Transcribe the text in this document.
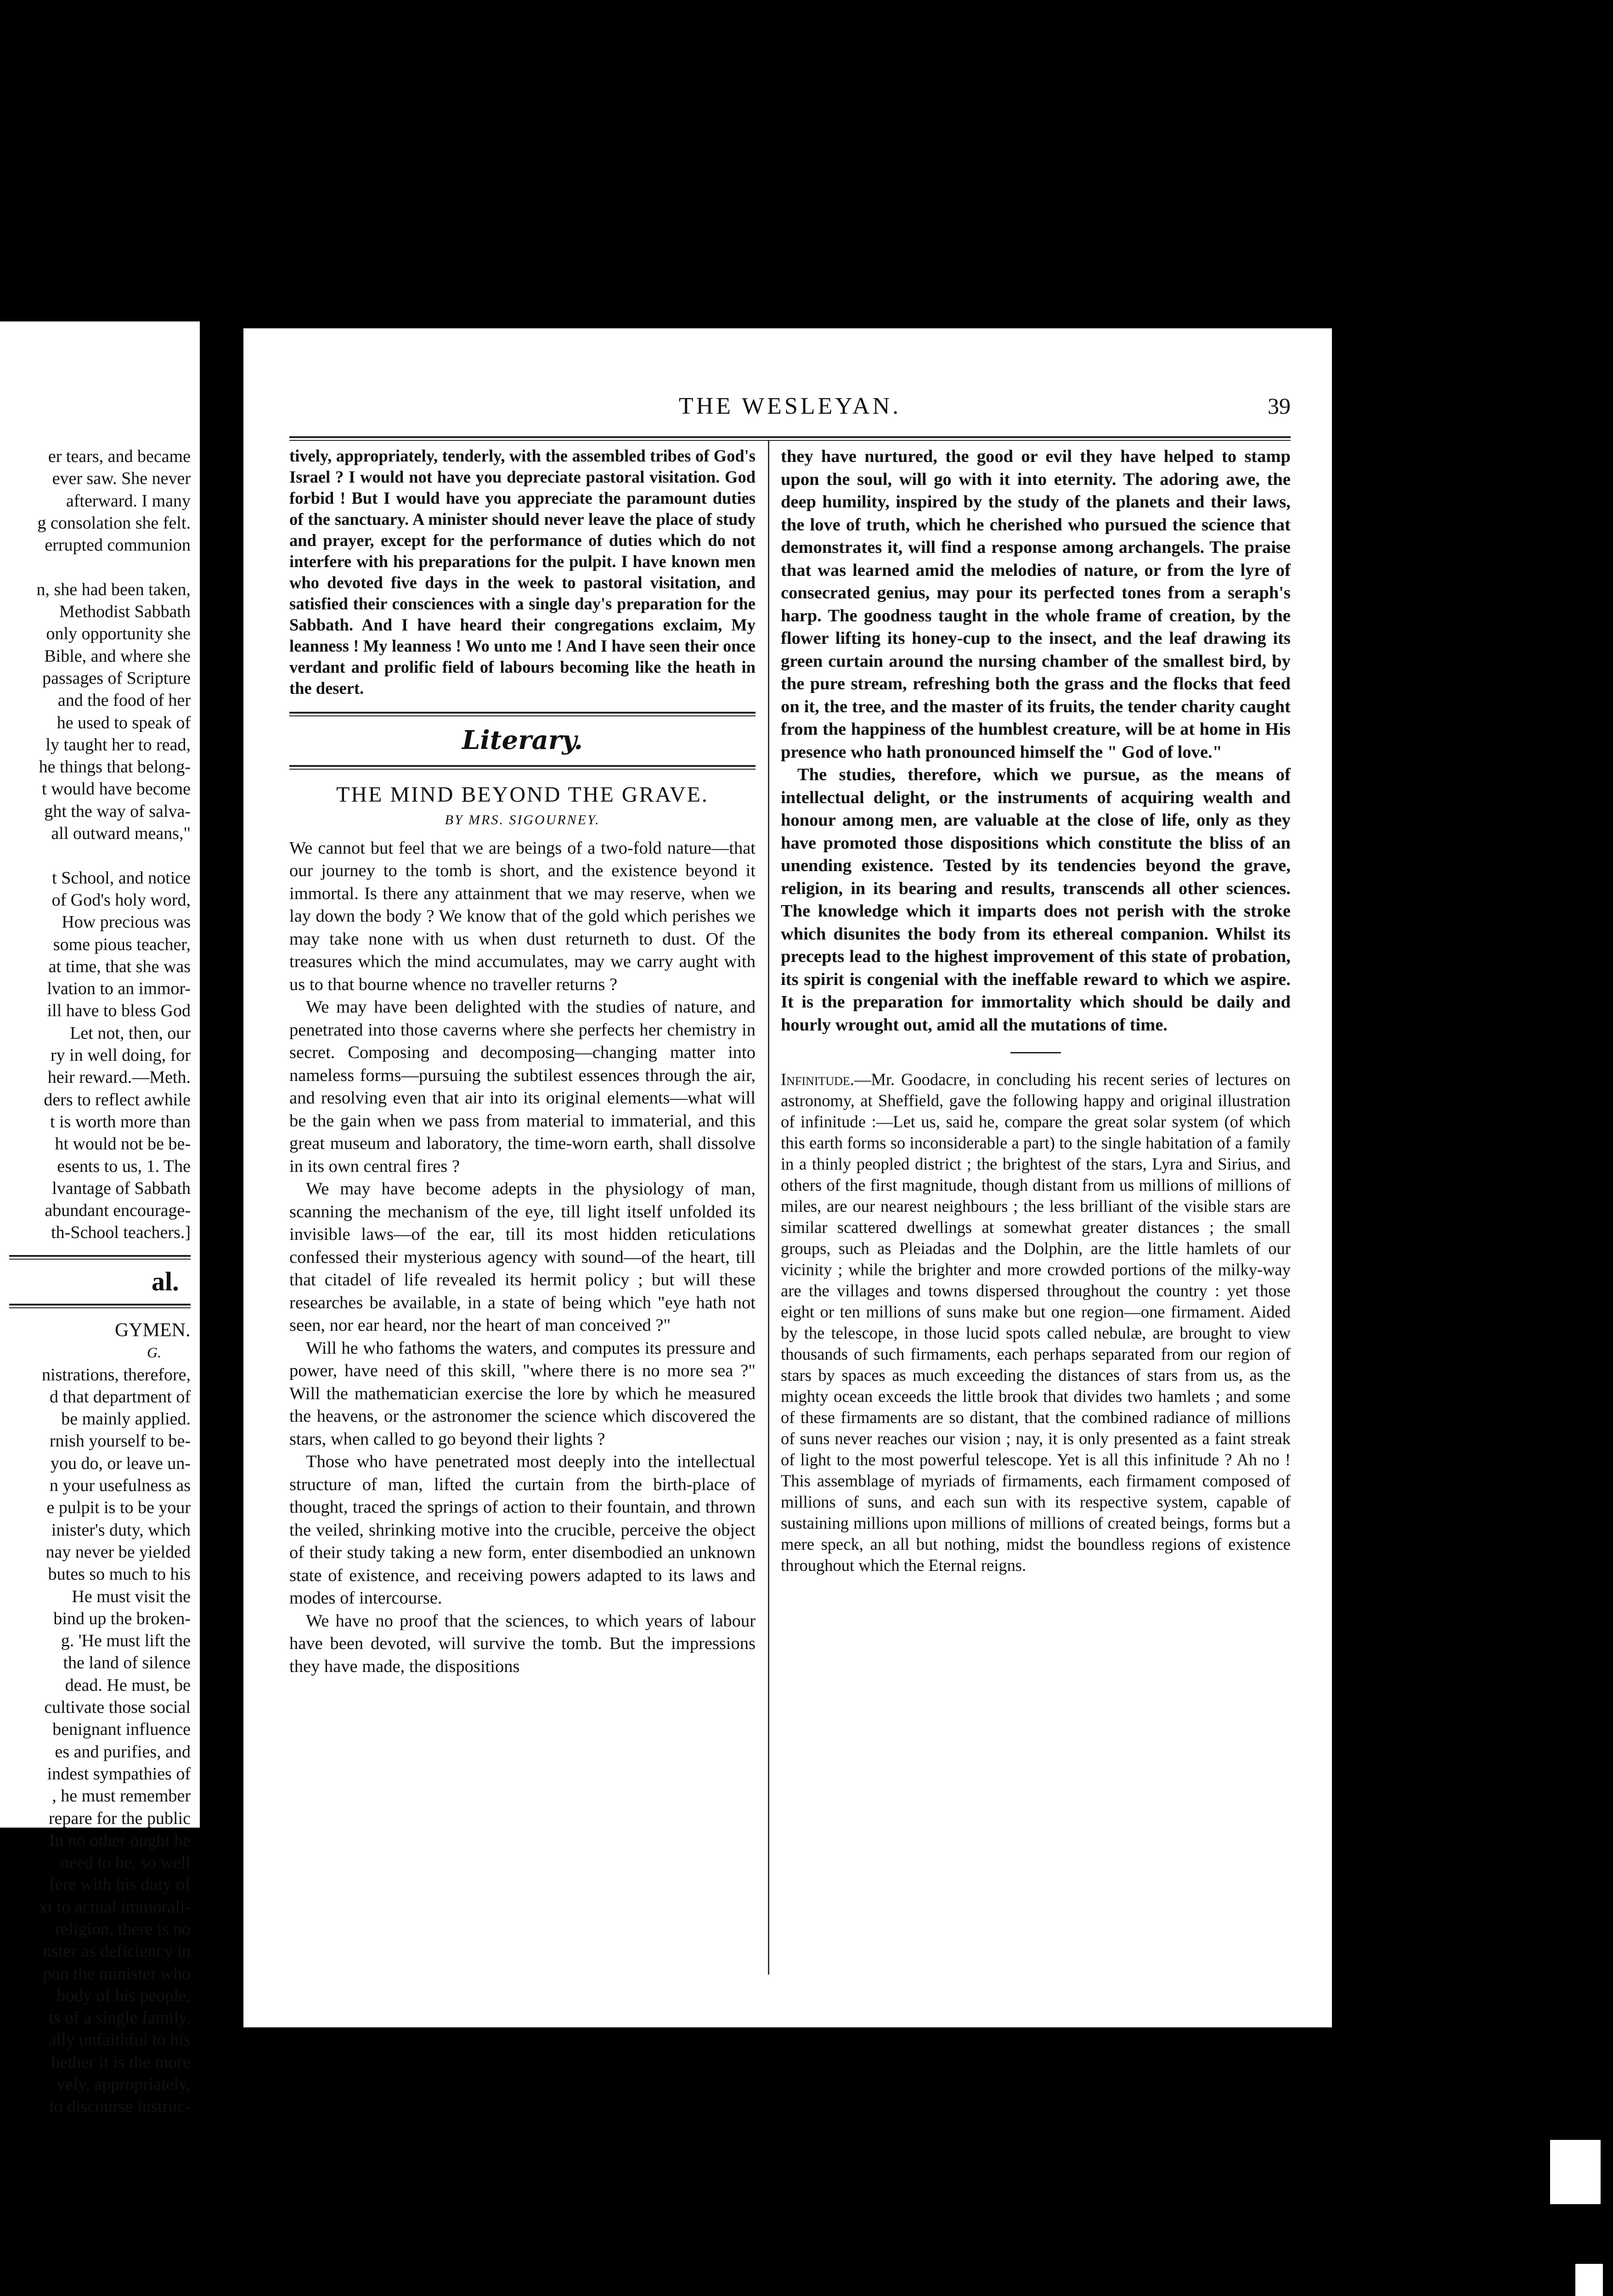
THE WESLEYAN.	39
er tears, and became
ever saw. She never
afterward. I many
g consolation she felt.
errupted communion

n, she had been taken,
Methodist Sabbath
only opportunity she
Bible, and where she
passages of Scripture
and the food of her
he used to speak of
ly taught her to read,
he things that belong-
t would have become
ght the way of salva-
all outward means,"

t School, and notice
of God's holy word,
How precious was
some pious teacher,
at time, that she was
lvation to an immor-
ill have to bless God
Let not, then, our
ry in well doing, for
heir reward.—Meth.
ders to reflect awhile
t is worth more than
ht would not be be-
esents to us, 1. The
lvantage of Sabbath
abundant encourage-
th-School teachers.]
al.
GYMEN.
G.
nistrations, therefore,
d that department of
be mainly applied.
rnish yourself to be-
you do, or leave un-
n your usefulness as
e pulpit is to be your
inister's duty, which
nay never be yielded
butes so much to his
He must visit the
bind up the broken-
g. 'He must lift the
the land of silence
dead. He must, be
cultivate those social
benignant influence
es and purifies, and
indest sympathies of
, he must remember
repare for the public
In no other ought he
need to be, so well
fere with his duty of
xt to actual immorali-
religion, there is no
nster as deficiency in
pon the minister who
body of his people,
ts of a single family,
ally unfaithful to his
hether it is the more
vely, appropriately,
to discourse instruc-

tively, appropriately, tenderly, with the assembled tribes of God's Israel ? I would not have you depreciate pastoral visitation. God forbid ! But I would have you appreciate the paramount duties of the sanctuary. A minister should never leave the place of study and prayer, except for the performance of duties which do not interfere with his preparations for the pulpit. I have known men who devoted five days in the week to pastoral visitation, and satisfied their consciences with a single day's preparation for the Sabbath. And I have heard their congregations exclaim, My leanness ! My leanness ! Wo unto me ! And I have seen their once verdant and prolific field of labours becoming like the heath in the desert.

Literary.
THE MIND BEYOND THE GRAVE.
BY MRS. SIGOURNEY.

We cannot but feel that we are beings of a two-fold nature—that our journey to the tomb is short, and the existence beyond it immortal. Is there any attainment that we may reserve, when we lay down the body ? We know that of the gold which perishes we may take none with us when dust returneth to dust. Of the treasures which the mind accumulates, may we carry aught with us to that bourne whence no traveller returns ?

We may have been delighted with the studies of nature, and penetrated into those caverns where she perfects her chemistry in secret. Composing and decomposing—changing matter into nameless forms—pursuing the subtilest essences through the air, and resolving even that air into its original elements—what will be the gain when we pass from material to immaterial, and this great museum and laboratory, the time-worn earth, shall dissolve in its own central fires ?

We may have become adepts in the physiology of man, scanning the mechanism of the eye, till light itself unfolded its invisible laws—of the ear, till its most hidden reticulations confessed their mysterious agency with sound—of the heart, till that citadel of life revealed its hermit policy ; but will these researches be available, in a state of being which "eye hath not seen, nor ear heard, nor the heart of man conceived ?"

Will he who fathoms the waters, and computes its pressure and power, have need of this skill, "where there is no more sea ?" Will the mathematician exercise the lore by which he measured the heavens, or the astronomer the science which discovered the stars, when called to go beyond their lights ?

Those who have penetrated most deeply into the intellectual structure of man, lifted the curtain from the birth-place of thought, traced the springs of action to their fountain, and thrown the veiled, shrinking motive into the crucible, perceive the object of their study taking a new form, enter disembodied an unknown state of existence, and receiving powers adapted to its laws and modes of intercourse.

We have no proof that the sciences, to which years of labour have been devoted, will survive the tomb. But the impressions they have made, the dispositions

they have nurtured, the good or evil they have helped to stamp upon the soul, will go with it into eternity. The adoring awe, the deep humility, inspired by the study of the planets and their laws, the love of truth, which he cherished who pursued the science that demonstrates it, will find a response among archangels. The praise that was learned amid the melodies of nature, or from the lyre of consecrated genius, may pour its perfected tones from a seraph's harp. The goodness taught in the whole frame of creation, by the flower lifting its honey-cup to the insect, and the leaf drawing its green curtain around the nursing chamber of the smallest bird, by the pure stream, refreshing both the grass and the flocks that feed on it, the tree, and the master of its fruits, the tender charity caught from the happiness of the humblest creature, will be at home in His presence who hath pronounced himself the " God of love."

The studies, therefore, which we pursue, as the means of intellectual delight, or the instruments of acquiring wealth and honour among men, are valuable at the close of life, only as they have promoted those dispositions which constitute the bliss of an unending existence. Tested by its tendencies beyond the grave, religion, in its bearing and results, transcends all other sciences. The knowledge which it imparts does not perish with the stroke which disunites the body from its ethereal companion. Whilst its precepts lead to the highest improvement of this state of probation, its spirit is congenial with the ineffable reward to which we aspire. It is the preparation for immortality which should be daily and hourly wrought out, amid all the mutations of time.

Infinitude.—Mr. Goodacre, in concluding his recent series of lectures on astronomy, at Sheffield, gave the following happy and original illustration of infinitude :—Let us, said he, compare the great solar system (of which this earth forms so inconsiderable a part) to the single habitation of a family in a thinly peopled district ; the brightest of the stars, Lyra and Sirius, and others of the first magnitude, though distant from us millions of millions of miles, are our nearest neighbours ; the less brilliant of the visible stars are similar scattered dwellings at somewhat greater distances ; the small groups, such as Pleiadas and the Dolphin, are the little hamlets of our vicinity ; while the brighter and more crowded portions of the milky-way are the villages and towns dispersed throughout the country : yet those eight or ten millions of suns make but one region—one firmament. Aided by the telescope, in those lucid spots called nebulæ, are brought to view thousands of such firmaments, each perhaps separated from our region of stars by spaces as much exceeding the distances of stars from us, as the mighty ocean exceeds the little brook that divides two hamlets ; and some of these firmaments are so distant, that the combined radiance of millions of suns never reaches our vision ; nay, it is only presented as a faint streak of light to the most powerful telescope. Yet is all this infinitude ? Ah no ! This assemblage of myriads of firmaments, each firmament composed of millions of suns, and each sun with its respective system, capable of sustaining millions upon millions of millions of created beings, forms but a mere speck, an all but nothing, midst the boundless regions of existence throughout which the Eternal reigns.
